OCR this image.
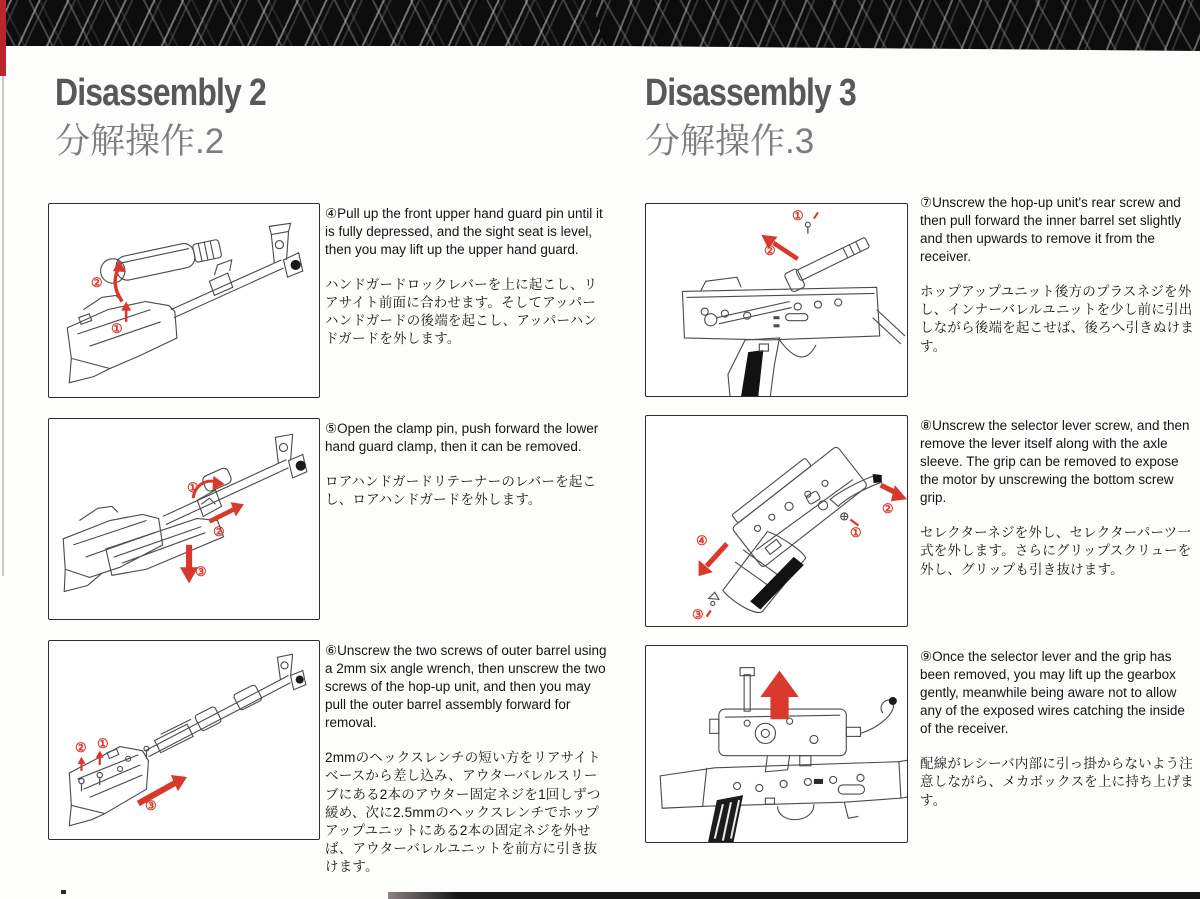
Disassembly 2
分解操作.2
②
①

④Pull up the front upper hand guard pin until it is fully depressed, and the sight seat is level, then you may lift up the upper hand guard.

ハンドガードロックレバーを上に起こし、リアサイト前面に合わせます。そしてアッパーハンドガードの後端を起こし、アッパーハンドガードを外します。

①
②
③

⑤Open the clamp pin, push forward the lower hand guard clamp, then it can be removed.

ロアハンドガードリテーナーのレバーを起こし、ロアハンドガードを外します。

② ①
③

⑥Unscrew the two screws of outer barrel using a 2mm six angle wrench, then unscrew the two screws of the hop-up unit, and then you may pull the outer barrel assembly forward for removal.

2mmのヘックスレンチの短い方をリアサイトベースから差し込み、アウターバレルスリーブにある2本のアウター固定ネジを1回しずつ緩め、次に2.5mmのヘックスレンチでホップアップユニットにある2本の固定ネジを外せば、アウターバレルユニットを前方に引き抜けます。

Disassembly 3
分解操作.3
①
②

⑦Unscrew the hop-up unit's rear screw and then pull forward the inner barrel set slightly and then upwards to remove it from the receiver.

ホップアップユニット後方のプラスネジを外し、インナーバレルユニットを少し前に引出しながら後端を起こせば、後ろへ引きぬけます。

④
②
①
③

⑧Unscrew the selector lever screw, and then remove the lever itself along with the axle sleeve. The grip can be removed to expose the motor by unscrewing the bottom screw grip.

セレクターネジを外し、セレクターパーツ一式を外します。さらにグリップスクリューを外し、グリップも引き抜けます。

⑨Once the selector lever and the grip has been removed, you may lift up the gearbox gently, meanwhile being aware not to allow any of the exposed wires catching the inside of the receiver.

配線がレシーバ内部に引っ掛からないよう注意しながら、メカボックスを上に持ち上げます。
